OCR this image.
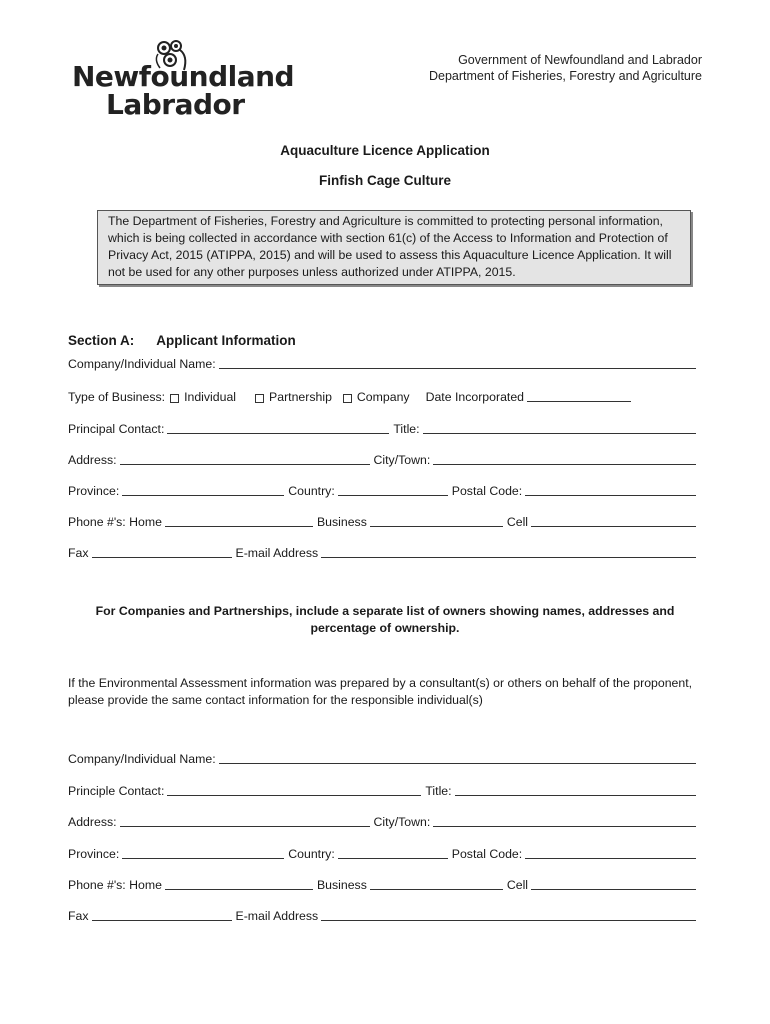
Newfoundland
Labrador
Government of Newfoundland and Labrador
Department of Fisheries, Forestry and Agriculture
Aquaculture Licence Application
Finfish Cage Culture
The Department of Fisheries, Forestry and Agriculture is committed to protecting personal information, which is being collected in accordance with section 61(c) of the Access to Information and Protection of Privacy Act, 2015 (ATIPPA, 2015) and will be used to assess this Aquaculture Licence Application. It will not be used for any other purposes unless authorized under ATIPPA, 2015.
Section A: Applicant Information
Company/Individual Name:
Type of Business: Individual	Partnership Company Date Incorporated
Principal Contact:	Title:
Address:	City/Town:
Province:	Country:	Postal Code:
Phone #'s: Home	Business	Cell
Fax	E-mail Address
For Companies and Partnerships, include a separate list of owners showing names, addresses and percentage of ownership.
If the Environmental Assessment information was prepared by a consultant(s) or others on behalf of the proponent, please provide the same contact information for the responsible individual(s)
Company/Individual Name:
Principle Contact:	Title:
Address:	City/Town:
Province:	Country:	Postal Code:
Phone #'s: Home	Business	Cell
Fax	E-mail Address
